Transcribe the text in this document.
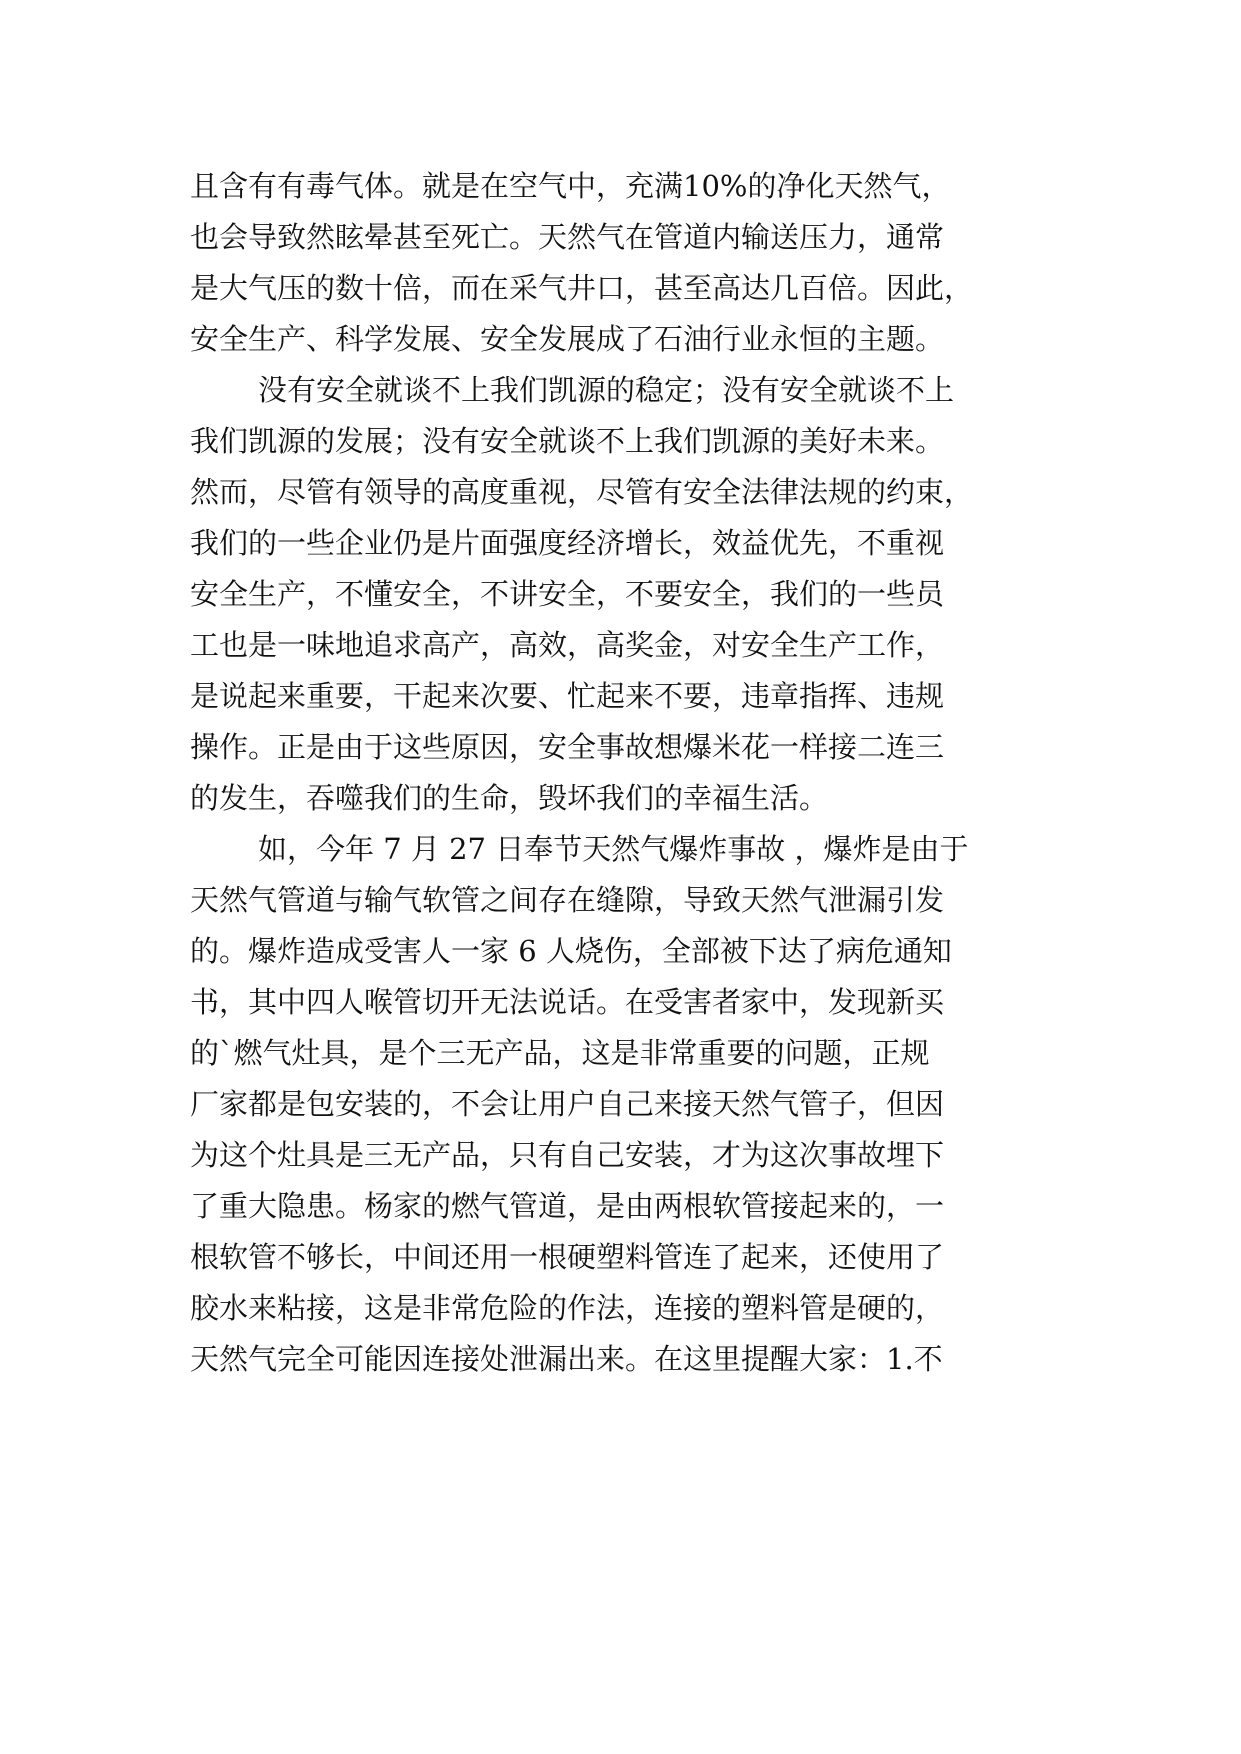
且含有有毒气体。就是在空气中，充满10%的净化天然气，
也会导致然眩晕甚至死亡。天然气在管道内输送压力，通常
是大气压的数十倍，而在采气井口，甚至高达几百倍。因此，
安全生产、科学发展、安全发展成了石油行业永恒的主题。
没有安全就谈不上我们凯源的稳定；没有安全就谈不上
我们凯源的发展；没有安全就谈不上我们凯源的美好未来。
然而，尽管有领导的高度重视，尽管有安全法律法规的约束，
我们的一些企业仍是片面强度经济增长，效益优先，不重视
安全生产，不懂安全，不讲安全，不要安全，我们的一些员
工也是一味地追求高产，高效，高奖金，对安全生产工作，
是说起来重要，干起来次要、忙起来不要，违章指挥、违规
操作。正是由于这些原因，安全事故想爆米花一样接二连三
的发生，吞噬我们的生命，毁坏我们的幸福生活。
如，今年 7 月 27 日奉节天然气爆炸事故 ，爆炸是由于
天然气管道与输气软管之间存在缝隙，导致天然气泄漏引发
的。爆炸造成受害人一家 6 人烧伤，全部被下达了病危通知
书，其中四人喉管切开无法说话。在受害者家中，发现新买
的`燃气灶具，是个三无产品，这是非常重要的问题，正规
厂家都是包安装的，不会让用户自己来接天然气管子，但因
为这个灶具是三无产品，只有自己安装，才为这次事故埋下
了重大隐患。杨家的燃气管道，是由两根软管接起来的，一
根软管不够长，中间还用一根硬塑料管连了起来，还使用了
胶水来粘接，这是非常危险的作法，连接的塑料管是硬的，
天然气完全可能因连接处泄漏出来。在这里提醒大家：1.不
